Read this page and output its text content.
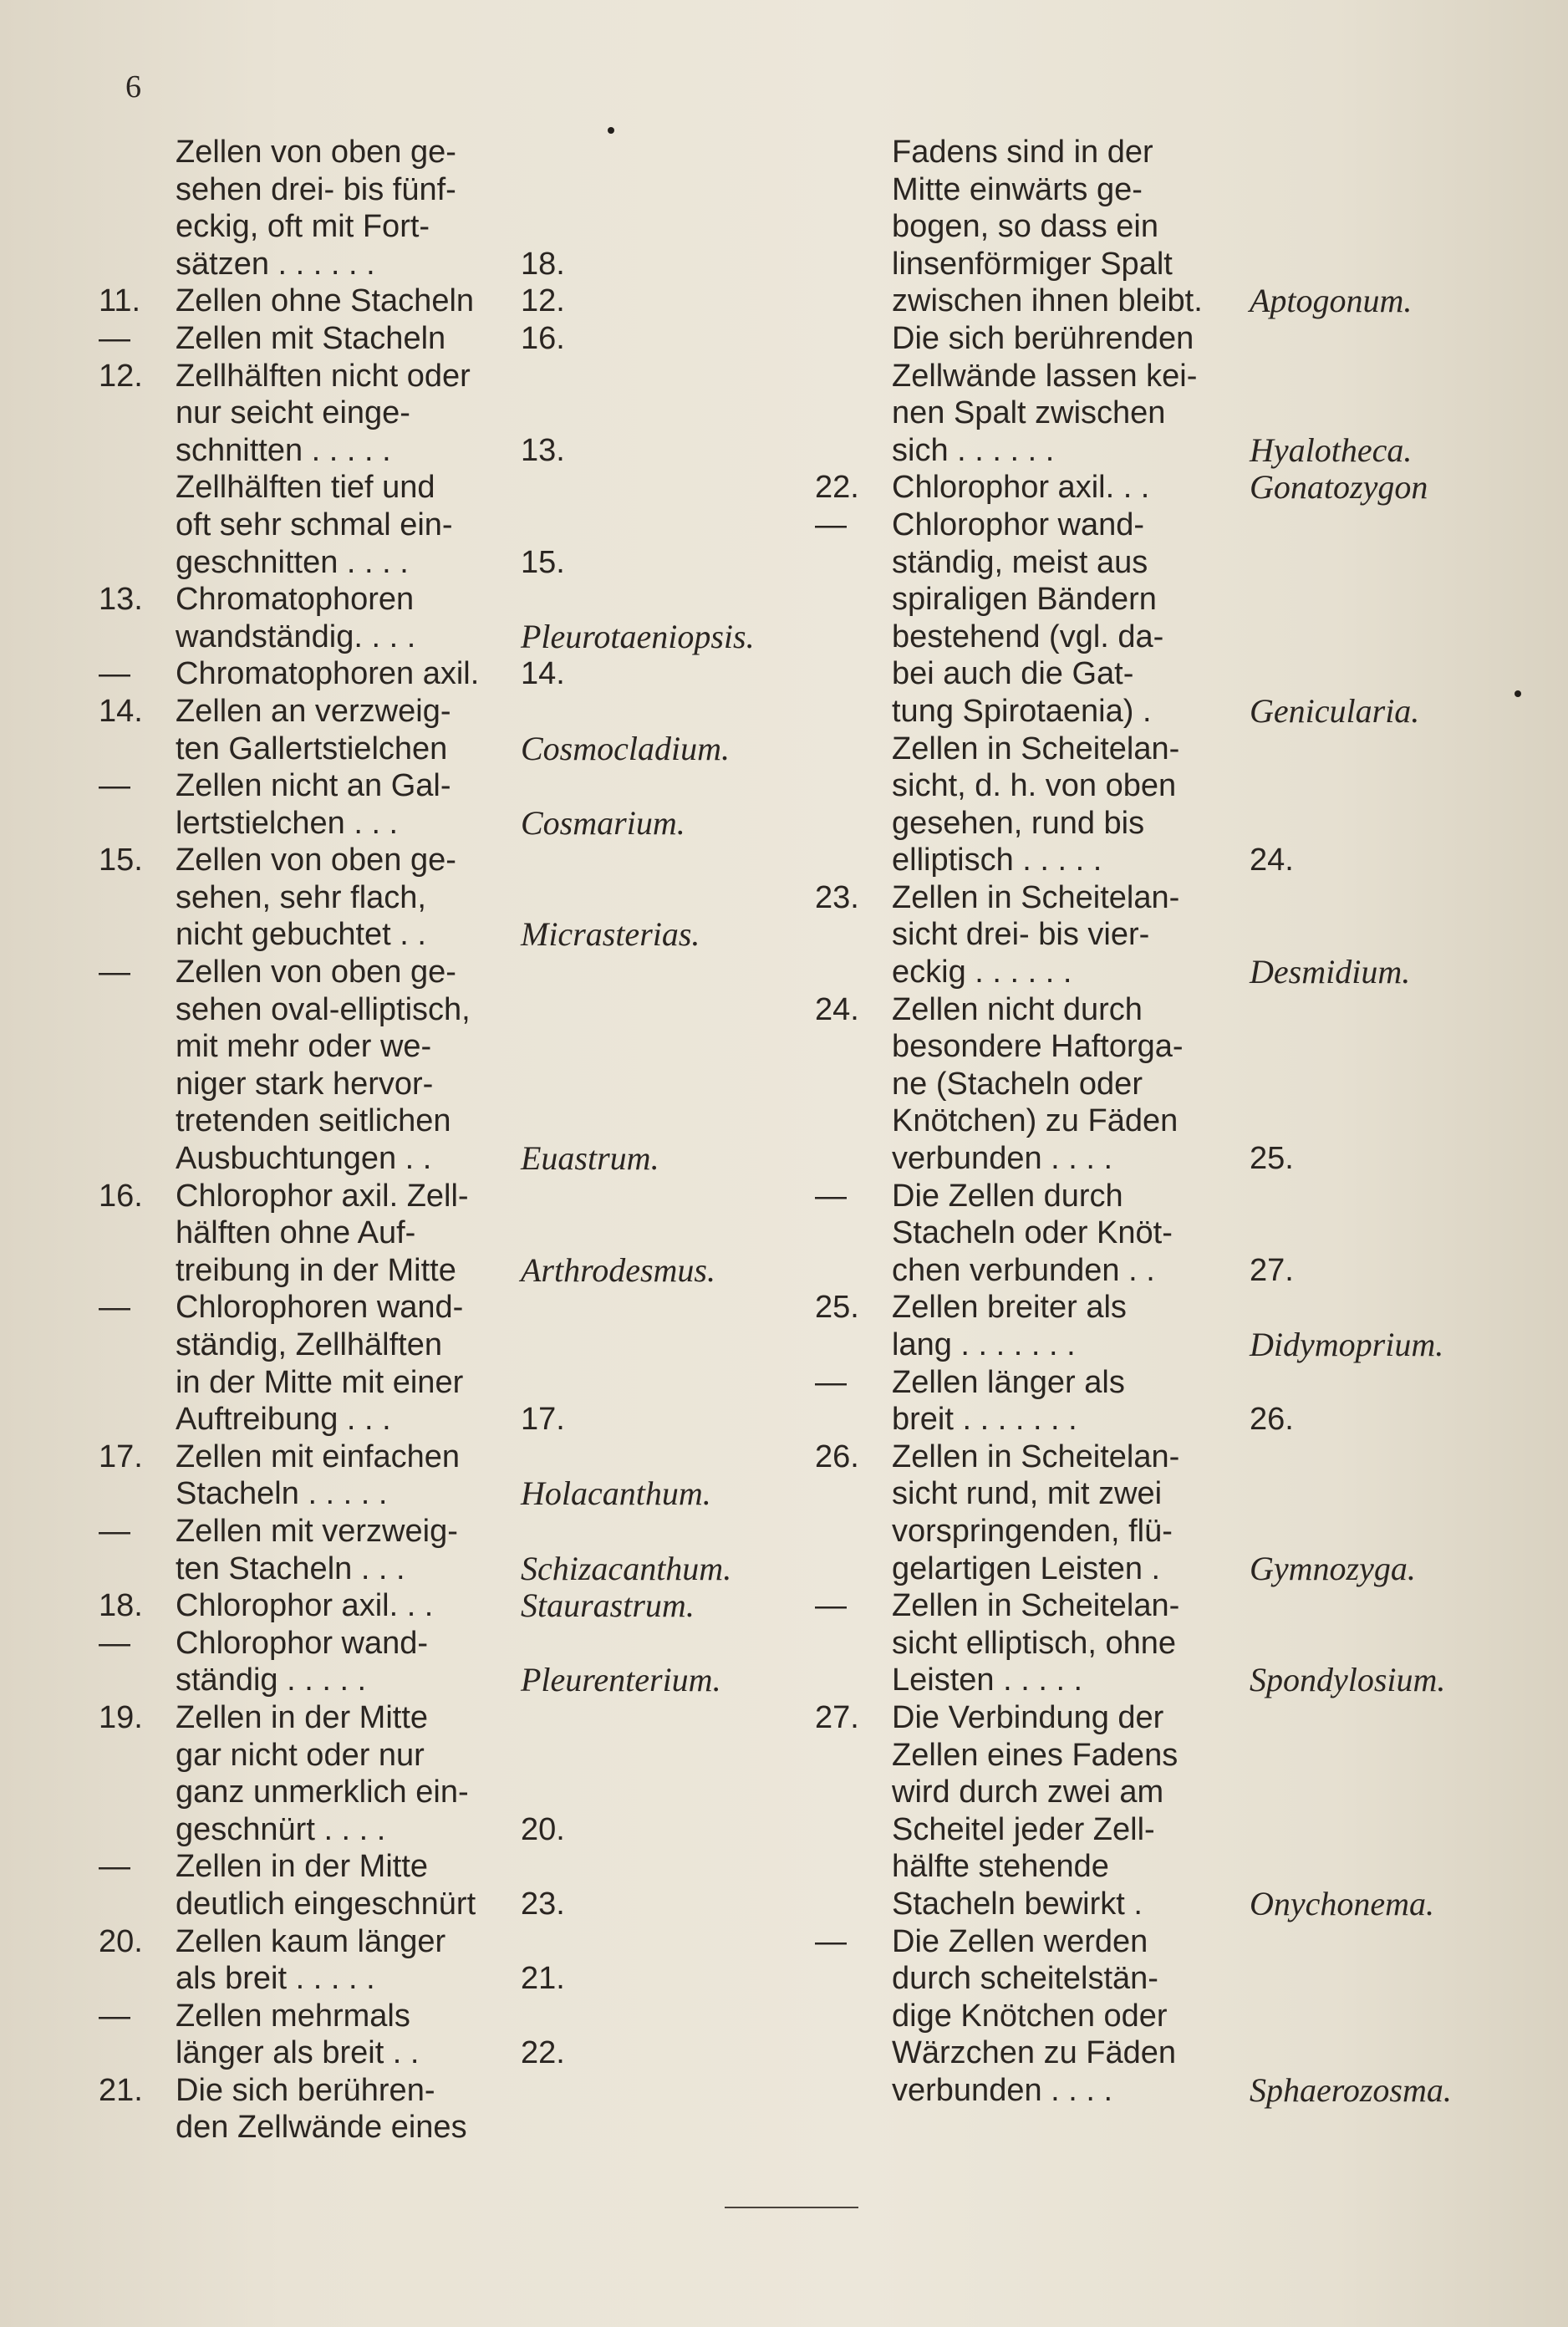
6
Zellen von oben ge-
sehen drei- bis fünf-
eckig, oft mit Fort-
sätzen . . . . . .	18.
11. Zellen ohne Stacheln 12.
— Zellen mit Stacheln 16.
12. Zellhälften nicht oder
nur seicht einge-
schnitten . . . . .	13.
Zellhälften tief und
oft sehr schmal ein-
geschnitten . . . .	15.
13. Chromatophoren
wandständig. . . .	Pleurotaeniopsis.
— Chromatophoren axil. 14.
14. Zellen an verzweig-
ten Gallertstielchen Cosmocladium.
— Zellen nicht an Gal-
lertstielchen . . .	Cosmarium.
15. Zellen von oben ge-
sehen, sehr flach,
nicht gebuchtet . .	Micrasterias.
— Zellen von oben ge-
sehen oval-elliptisch,
mit mehr oder we-
niger stark hervor-
tretenden seitlichen
Ausbuchtungen . .	Euastrum.
16. Chlorophor axil. Zell-
hälften ohne Auf-
treibung in der Mitte Arthrodesmus.
— Chlorophoren wand-
ständig, Zellhälften
in der Mitte mit einer
Auftreibung . . .	17.
17. Zellen mit einfachen
Stacheln . . . . .	Holacanthum.
— Zellen mit verzweig-
ten Stacheln . . .	Schizacanthum.
18. Chlorophor axil. . .	Staurastrum.
— Chlorophor wand-
ständig . . . . .	Pleurenterium.
19. Zellen in der Mitte
gar nicht oder nur
ganz unmerklich ein-
geschnürt . . . .	20.
— Zellen in der Mitte
deutlich eingeschnürt 23.
20. Zellen kaum länger
als breit . . . . .	21.
— Zellen mehrmals
länger als breit . .	22.
21. Die sich berühren-
den Zellwände eines
Fadens sind in der
Mitte einwärts ge-
bogen, so dass ein
linsenförmiger Spalt
zwischen ihnen bleibt. Aptogonum.
Die sich berührenden
Zellwände lassen kei-
nen Spalt zwischen
sich . . . . . .	Hyalotheca.
22. Chlorophor axil. . .	Gonatozygon
— Chlorophor wand-
ständig, meist aus
spiraligen Bändern
bestehend (vgl. da-
bei auch die Gat-
tung Spirotaenia) .	Genicularia.
Zellen in Scheitelan-
sicht, d. h. von oben
gesehen, rund bis
elliptisch . . . . .	24.
23. Zellen in Scheitelan-
sicht drei- bis vier-
eckig . . . . . .	Desmidium.
24. Zellen nicht durch
besondere Haftorga-
ne (Stacheln oder
Knötchen) zu Fäden
verbunden . . . .	25.
— Die Zellen durch
Stacheln oder Knöt-
chen verbunden . .	27.
25. Zellen breiter als
lang . . . . . . .	Didymoprium.
— Zellen länger als
breit . . . . . . .	26.
26. Zellen in Scheitelan-
sicht rund, mit zwei
vorspringenden, flü-
gelartigen Leisten .	Gymnozyga.
— Zellen in Scheitelan-
sicht elliptisch, ohne
Leisten . . . . .	Spondylosium.
27. Die Verbindung der
Zellen eines Fadens
wird durch zwei am
Scheitel jeder Zell-
hälfte stehende
Stacheln bewirkt .	Onychonema.
— Die Zellen werden
durch scheitelstän-
dige Knötchen oder
Wärzchen zu Fäden
verbunden . . . .	Sphaerozosma.
